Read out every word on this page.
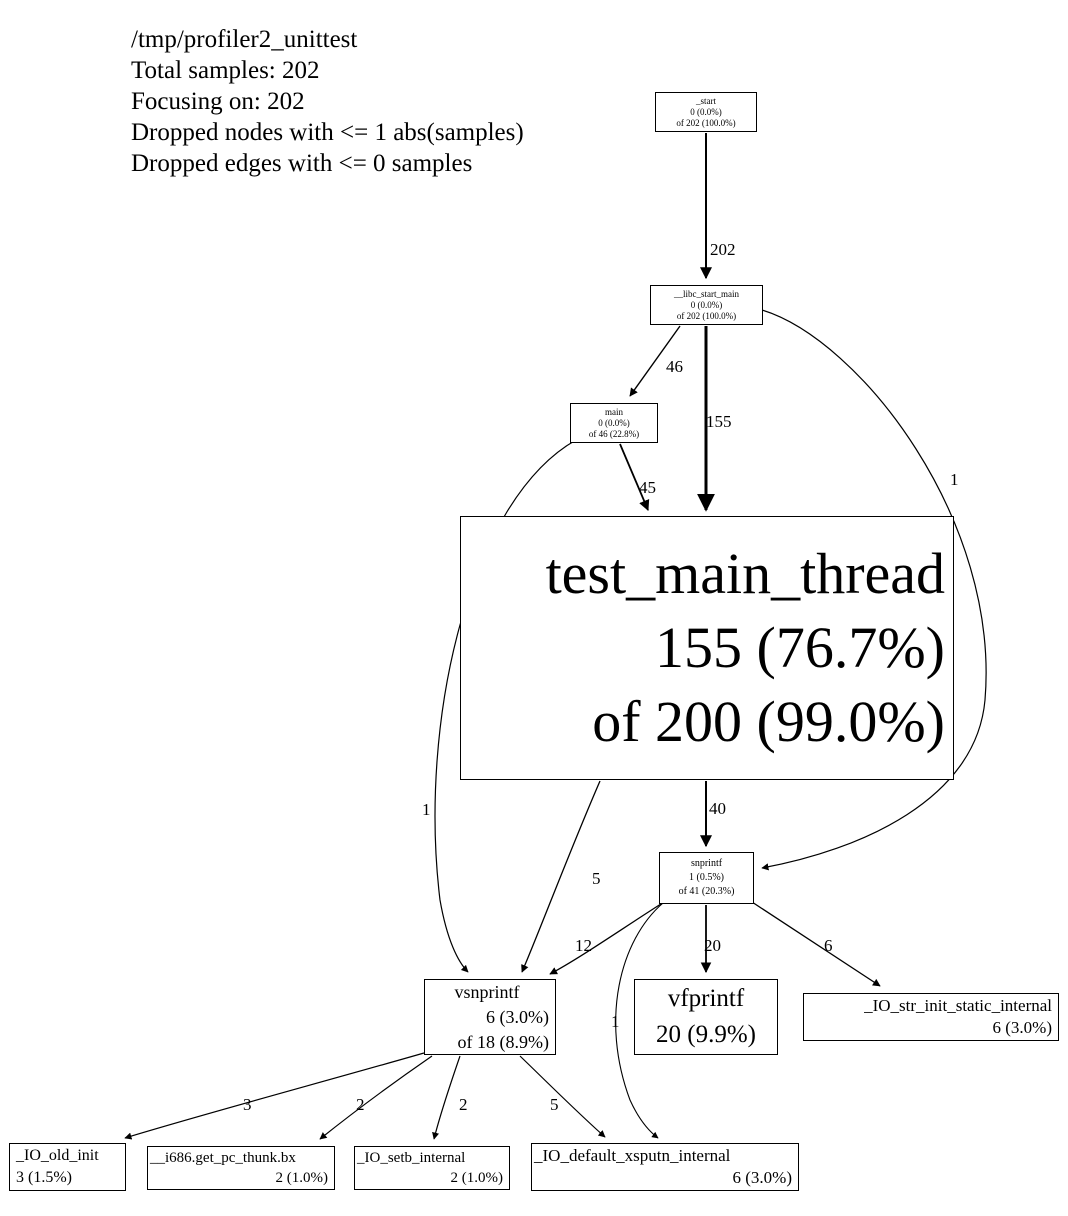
/tmp/profiler2_unittest
Total samples: 202
Focusing on: 202
Dropped nodes with <= 1 abs(samples)
Dropped edges with <= 0 samples
_start
0 (0.0%)
of 202 (100.0%)
__libc_start_main
0 (0.0%)
of 202 (100.0%)
main
0 (0.0%)
of 46 (22.8%)
test_main_thread
155 (76.7%)
of 200 (99.0%)
snprintf
1 (0.5%)
of 41 (20.3%)
vsnprintf
6 (3.0%)
of 18 (8.9%)
vfprintf
20 (9.9%)
_IO_str_init_static_internal
6 (3.0%)
_IO_old_init
3 (1.5%)
__i686.get_pc_thunk.bx
2 (1.0%)
_IO_setb_internal
2 (1.0%)
_IO_default_xsputn_internal
6 (3.0%)
202
46
155
1
45
1	40
5
12	20	6
1
3	2	2	5
